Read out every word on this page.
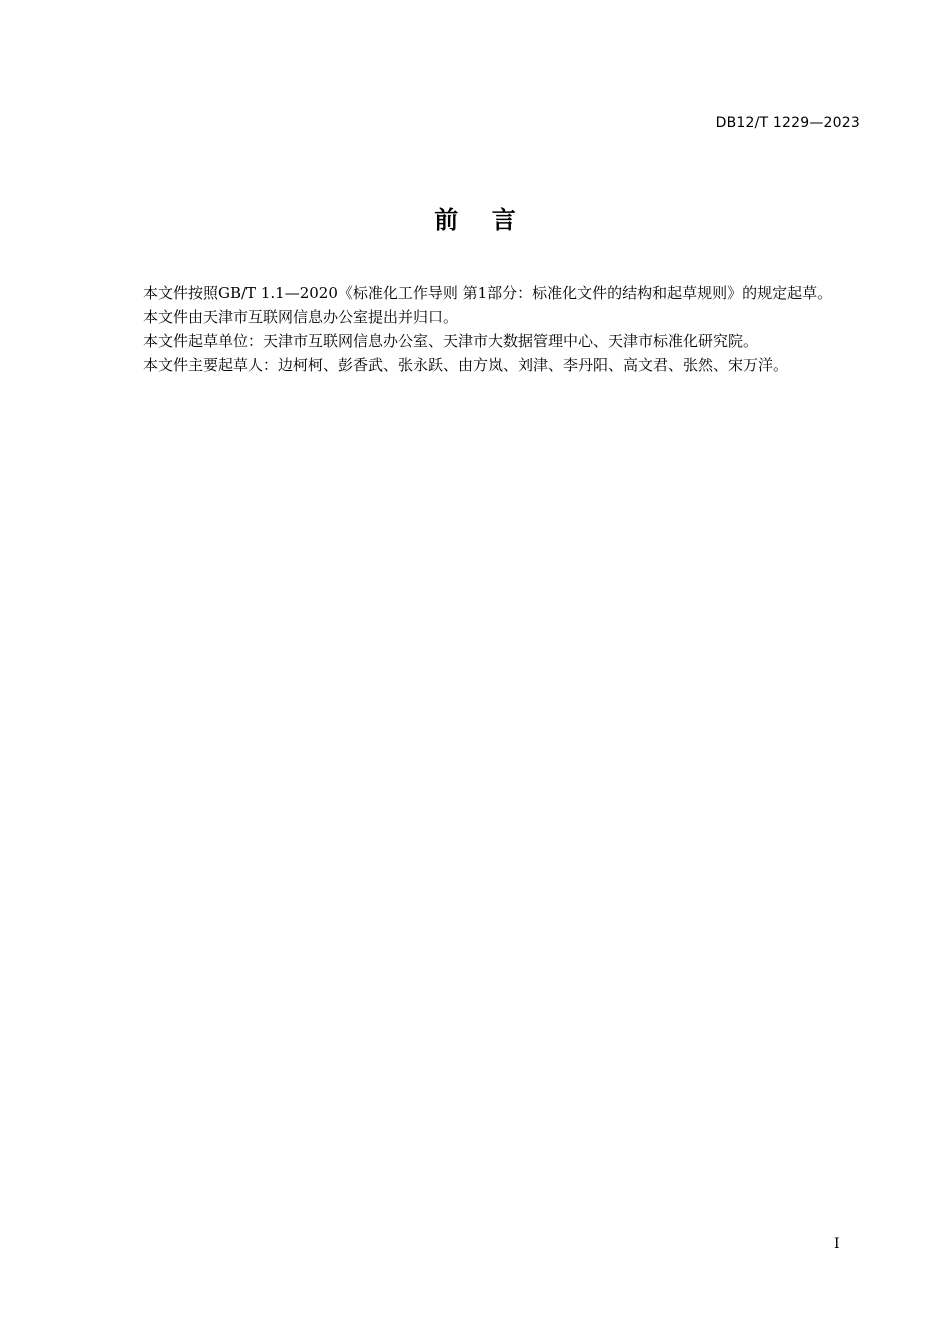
DB12/T 1229—2023
前    言

本文件按照GB/T 1.1—2020《标准化工作导则 第1部分：标准化文件的结构和起草规则》的规定起草。

本文件由天津市互联网信息办公室提出并归口。

本文件起草单位：天津市互联网信息办公室、天津市大数据管理中心、天津市标准化研究院。

本文件主要起草人：边柯柯、彭香武、张永跃、由方岚、刘津、李丹阳、高文君、张然、宋万洋。

I
